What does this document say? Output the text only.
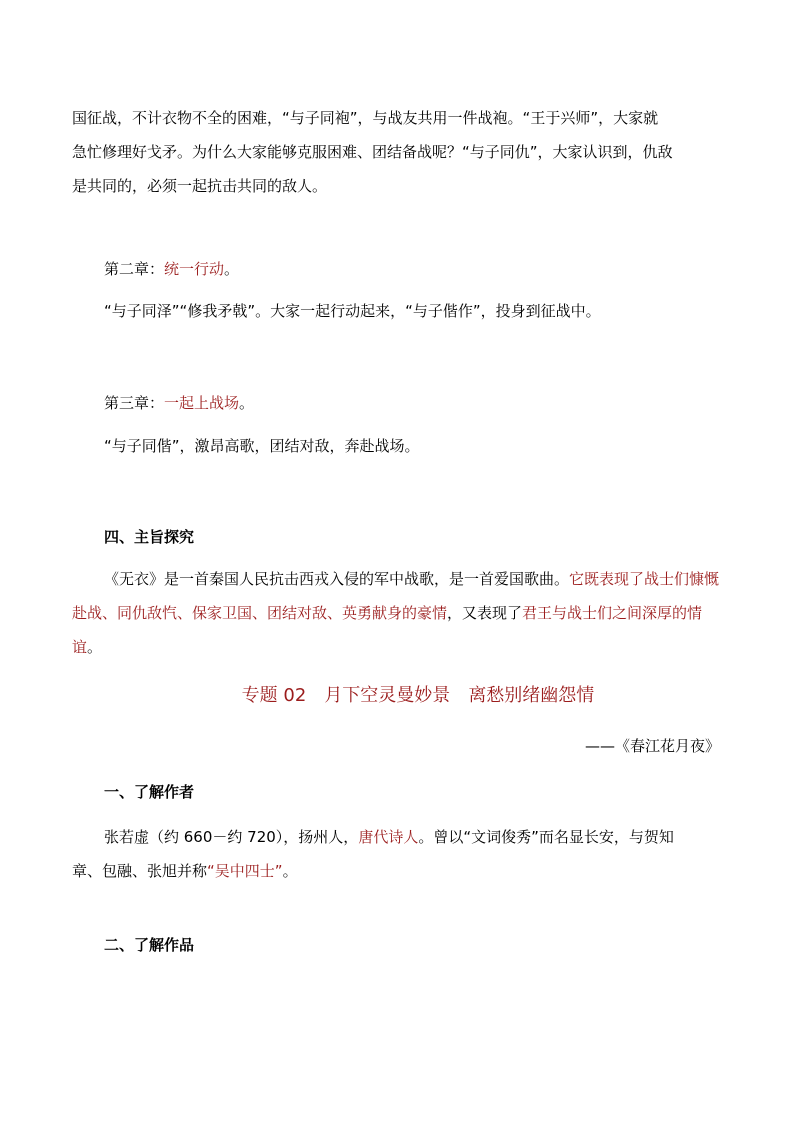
国征战，不计衣物不全的困难，“与子同袍”，与战友共用一件战袍。“王于兴师”，大家就
急忙修理好戈矛。为什么大家能够克服困难、团结备战呢？“与子同仇”，大家认识到，仇敌
是共同的，必须一起抗击共同的敌人。
第二章：统一行动。
“与子同泽”“修我矛戟”。大家一起行动起来，“与子偕作”，投身到征战中。
第三章：一起上战场。
“与子同偕”，激昂高歌，团结对敌，奔赴战场。
四、主旨探究
《无衣》是一首秦国人民抗击西戎入侵的军中战歌，是一首爱国歌曲。它既表现了战士们慷慨赴战、同仇敌忾、保家卫国、团结对敌、英勇献身的豪情，又表现了君王与战士们之间深厚的情谊。
专题 02 月下空灵曼妙景 离愁别绪幽怨情
——《春江花月夜》
一、了解作者
张若虚（约 660－约 720），扬州人，唐代诗人。曾以“文词俊秀”而名显长安，与贺知
章、包融、张旭并称“吴中四士”。
二、了解作品
